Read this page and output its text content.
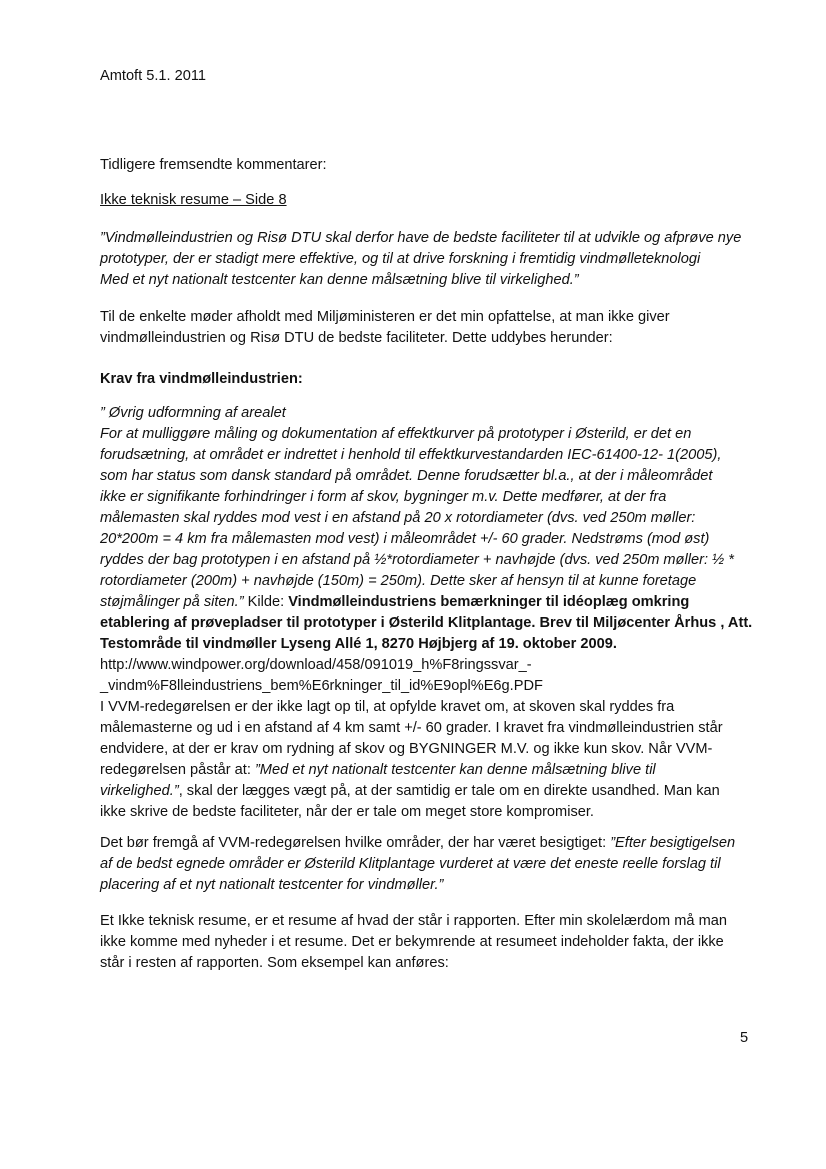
Amtoft 5.1. 2011
Tidligere fremsendte kommentarer:
Ikke teknisk resume – Side 8
”Vindmølleindustrien og Risø DTU skal derfor have de bedste faciliteter til at udvikle og afprøve nye
prototyper, der er stadigt mere effektive, og til at drive forskning i fremtidig vindmølleteknologi
Med et nyt nationalt testcenter kan denne målsætning blive til virkelighed.”
Til de enkelte møder afholdt med Miljøministeren er det min opfattelse, at man ikke giver
vindmølleindustrien og Risø DTU de bedste faciliteter. Dette uddybes herunder:
Krav fra vindmølleindustrien:
” Øvrig udformning af arealet
For at mulliggøre måling og dokumentation af effektkurver på prototyper i Østerild, er det en
forudsætning, at området er indrettet i henhold til effektkurvestandarden IEC-61400-12- 1(2005),
som har status som dansk standard på området. Denne forudsætter bl.a., at der i måleområdet
ikke er signifikante forhindringer i form af skov, bygninger m.v. Dette medfører, at der fra
målemasten skal ryddes mod vest i en afstand på 20 x rotordiameter (dvs. ved 250m møller:
20*200m = 4 km fra målemasten mod vest) i måleområdet +/- 60 grader. Nedstrøms (mod øst)
ryddes der bag prototypen i en afstand på ½*rotordiameter + navhøjde (dvs. ved 250m møller: ½ *
rotordiameter (200m) + navhøjde (150m) = 250m). Dette sker af hensyn til at kunne foretage
støjmålinger på siten.” Kilde: Vindmølleindustriens bemærkninger til idéoplæg omkring
etablering af prøvepladser til prototyper i Østerild Klitplantage. Brev til Miljøcenter Århus , Att.
Testområde til vindmøller Lyseng Allé 1, 8270 Højbjerg af 19. oktober 2009.
http://www.windpower.org/download/458/091019_h%F8ringssvar_-
_vindm%F8lleindustriens_bem%E6rkninger_til_id%E9opl%E6g.PDF
I VVM-redegørelsen er der ikke lagt op til, at opfylde kravet om, at skoven skal ryddes fra
målemasterne og ud i en afstand af 4 km samt +/- 60 grader. I kravet fra vindmølleindustrien står
endvidere, at der er krav om rydning af skov og BYGNINGER M.V. og ikke kun skov. Når VVM-
redegørelsen påstår at: ”Med et nyt nationalt testcenter kan denne målsætning blive til
virkelighed.”, skal der lægges vægt på, at der samtidig er tale om en direkte usandhed. Man kan
ikke skrive de bedste faciliteter, når der er tale om meget store kompromiser.
Det bør fremgå af VVM-redegørelsen hvilke områder, der har været besigtiget: ”Efter besigtigelsen
af de bedst egnede områder er Østerild Klitplantage vurderet at være det eneste reelle forslag til
placering af et nyt nationalt testcenter for vindmøller.”
Et Ikke teknisk resume, er et resume af hvad der står i rapporten. Efter min skolelærdom må man
ikke komme med nyheder i et resume. Det er bekymrende at resumeet indeholder fakta, der ikke
står i resten af rapporten. Som eksempel kan anføres:
5
